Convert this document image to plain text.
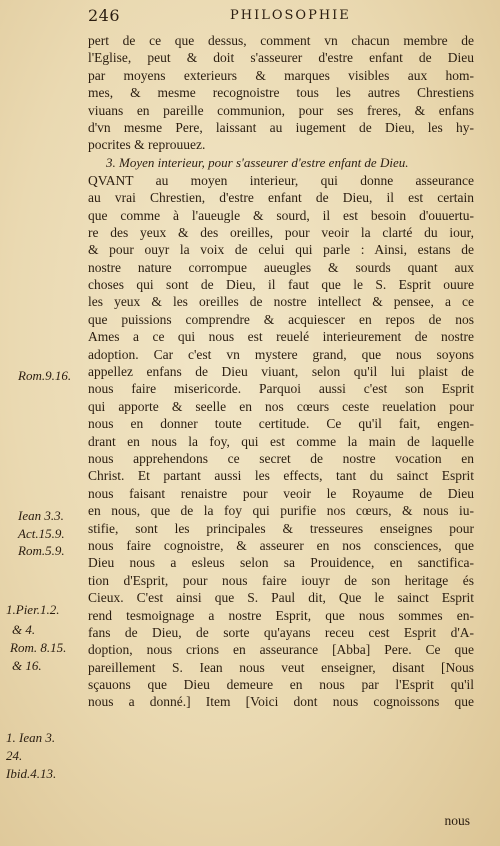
246	PHILOSOPHIE
pert de ce que dessus, comment vn chacun membre de
l'Eglise, peut & doit s'asseurer d'estre enfant de Dieu
par moyens exterieurs & marques visibles aux hom-
mes, & mesme recognoistre tous les autres Chrestiens
viuans en pareille communion, pour ses freres, & enfans
d'vn mesme Pere, laissant au iugement de Dieu, les hy-
pocrites & reprouuez.
3. Moyen interieur, pour s'asseurer d'estre enfant de Dieu.
QVANT au moyen interieur, qui donne asseurance
au vrai Chrestien, d'estre enfant de Dieu, il est certain
que comme à l'aueugle & sourd, il est besoin d'ouuertu-
re des yeux & des oreilles, pour veoir la clarté du iour,
& pour ouyr la voix de celui qui parle : Ainsi, estans de
nostre nature corrompue aueugles & sourds quant aux
choses qui sont de Dieu, il faut que le S. Esprit ouure
les yeux & les oreilles de nostre intellect & pensee, a ce
que puissions comprendre & acquiescer en repos de nos
Ames a ce qui nous est reuelé interieurement de nostre
adoption. Car c'est vn mystere grand, que nous soyons
appellez enfans de Dieu viuant, selon qu'il lui plaist de
nous faire misericorde. Parquoi aussi c'est son Esprit
qui apporte & seelle en nos cœurs ceste reuelation pour
nous en donner toute certitude. Ce qu'il fait, engen-
drant en nous la foy, qui est comme la main de laquelle
nous apprehendons ce secret de nostre vocation en
Christ. Et partant aussi les effects, tant du sainct Esprit
nous faisant renaistre pour veoir le Royaume de Dieu
en nous, que de la foy qui purifie nos cœurs, & nous iu-
stifie, sont les principales & tresseures enseignes pour
nous faire cognoistre, & asseurer en nos consciences, que
Dieu nous a esleus selon sa Prouidence, en sanctifica-
tion d'Esprit, pour nous faire iouyr de son heritage és
Cieux. C'est ainsi que S. Paul dit, Que le sainct Esprit
rend tesmoignage a nostre Esprit, que nous sommes en-
fans de Dieu, de sorte qu'ayans receu cest Esprit d'A-
doption, nous crions en asseurance [Abba] Pere. Ce que
pareillement S. Iean nous veut enseigner, disant [Nous
sçauons que Dieu demeure en nous par l'Esprit qu'il
nous a donné.] Item [Voici dont nous cognoissons que
Rom.9.16.
Iean 3.3.
Act.15.9.
Rom.5.9.
1.Pier.1.2.
& 4.
Rom. 8.15.
& 16.
1. Iean 3.
24.
Ibid.4.13.
nous
